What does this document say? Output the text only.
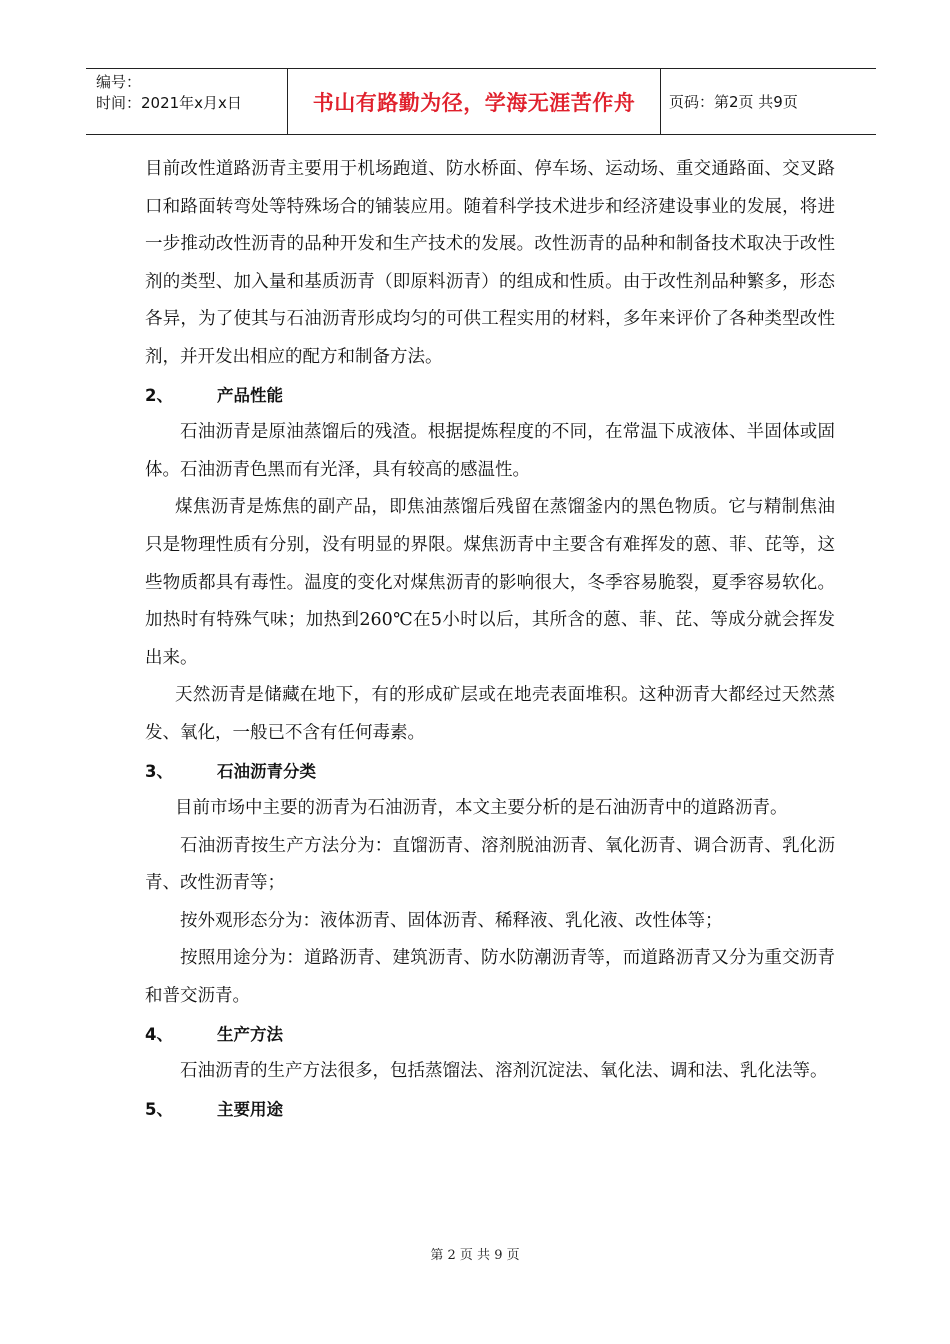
编号：
时间：2021年x月x日	书山有路勤为径，学海无涯苦作舟	页码：第2页 共9页

目前改性道路沥青主要用于机场跑道、防水桥面、停车场、运动场、重交通路面、交叉路口和路面转弯处等特殊场合的铺装应用。随着科学技术进步和经济建设事业的发展，将进一步推动改性沥青的品种开发和生产技术的发展。改性沥青的品种和制备技术取决于改性剂的类型、加入量和基质沥青（即原料沥青）的组成和性质。由于改性剂品种繁多，形态各异，为了使其与石油沥青形成均匀的可供工程实用的材料，多年来评价了各种类型改性剂，并开发出相应的配方和制备方法。

2、	产品性能

石油沥青是原油蒸馏后的残渣。根据提炼程度的不同，在常温下成液体、半固体或固体。石油沥青色黑而有光泽，具有较高的感温性。

煤焦沥青是炼焦的副产品，即焦油蒸馏后残留在蒸馏釜内的黑色物质。它与精制焦油只是物理性质有分别，没有明显的界限。煤焦沥青中主要含有难挥发的蒽、菲、芘等，这些物质都具有毒性。温度的变化对煤焦沥青的影响很大，冬季容易脆裂，夏季容易软化。加热时有特殊气味；加热到260℃在5小时以后，其所含的蒽、菲、芘、等成分就会挥发出来。

天然沥青是储藏在地下，有的形成矿层或在地壳表面堆积。这种沥青大都经过天然蒸发、氧化，一般已不含有任何毒素。

3、	石油沥青分类

目前市场中主要的沥青为石油沥青，本文主要分析的是石油沥青中的道路沥青。

石油沥青按生产方法分为：直馏沥青、溶剂脱油沥青、氧化沥青、调合沥青、乳化沥青、改性沥青等；

按外观形态分为：液体沥青、固体沥青、稀释液、乳化液、改性体等；

按照用途分为：道路沥青、建筑沥青、防水防潮沥青等，而道路沥青又分为重交沥青和普交沥青。

4、	生产方法

石油沥青的生产方法很多，包括蒸馏法、溶剂沉淀法、氧化法、调和法、乳化法等。

5、	主要用途
第 2 页 共 9 页
